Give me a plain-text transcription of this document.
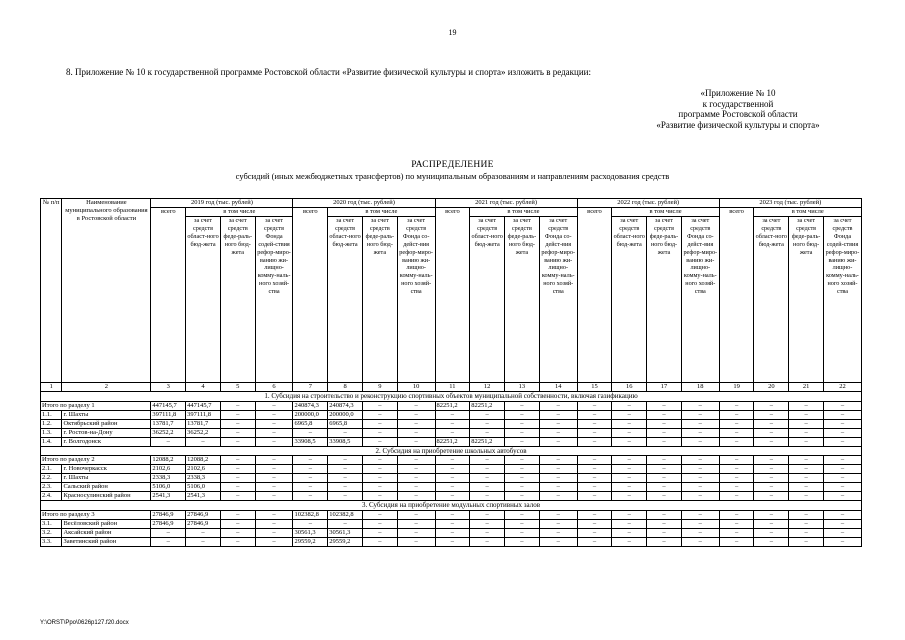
19
8. Приложение № 10 к государственной программе Ростовской области «Развитие физической культуры и спорта» изложить в редакции:
«Приложение № 10
к государственной
программе Ростовской области
«Развитие физической культуры и спорта»
РАСПРЕДЕЛЕНИЕ
субсидий (иных межбюджетных трансфертов) по муниципальным образованиям и направлениям расходования средств
№ п/п	Наименование муниципального образования в Ростовской области	2019 год (тыс. рублей)				2020 год (тыс. рублей)				2021 год (тыс. рублей)				2022 год (тыс. рублей)				2023 год (тыс. рублей)			
		всего	в том числе			всего	в том числе			всего	в том числе			всего	в том числе			всего	в том числе		
			за счет средств област-ного бюд-жета	за счет средств феде-раль-ного бюд-жета	за счет средств Фонда содей-ствия рефор-миро-ванию жи-лищно-комму-наль-ного хозяй-ства		за счет средств област-ного бюд-жета	за счет средств феде-раль-ного бюд-жета	за счет средств Фонда со-дейст-вия рефор-миро-ванию жи-лищно-комму-наль-ного хозяй-ства		за счет средств област-ного бюд-жета	за счет средств феде-раль-ного бюд-жета	за счет средств Фонда со-дейст-вия рефор-миро-ванию жи-лищно-комму-наль-ного хозяй-ства		за счет средств област-ного бюд-жета	за счет средств феде-раль-ного бюд-жета	за счет средств Фонда со-дейст-вия рефор-миро-ванию жи-лищно-комму-наль-ного хозяй-ства		за счет средств област-ного бюд-жета	за счет средств феде-раль-ного бюд-жета	за счет средств Фонда содей-ствия рефор-миро-ванию жи-лищно-комму-наль-ного хозяй-ства
1	2	3	4	5	6	7	8	9	10	11	12	13	14	15	16	17	18	19	20	21	22
1. Субсидия на строительство и реконструкцию спортивных объектов муниципальной собственности, включая газификацию																					
Итого по разделу 1		447145,7	447145,7	–	–	240874,3	240874,3	–	–	82251,2	82251,2	–	–	–	–	–	–	–	–	–	–
1.1.	г. Шахты	397111,8	397111,8	–	–	200000,0	200000,0	–	–	–	–	–	–	–	–	–	–	–	–	–	–
1.2.	Октябрьский район	13781,7	13781,7	–	–	6965,8	6965,8	–	–	–	–	–	–	–	–	–	–	–	–	–	–
1.3.	г. Ростов-на-Дону	36252,2	36252,2	–	–	–	–	–	–	–	–	–	–	–	–	–	–	–	–	–	–
1.4.	г. Волгодонск	–	–	–	–	33908,5	33908,5	–	–	82251,2	82251,2	–	–	–	–	–	–	–	–	–	–
2. Субсидия на приобретение школьных автобусов																					
Итого по разделу 2		12088,2	12088,2	–	–	–	–	–	–	–	–	–	–	–	–	–	–	–	–	–	–
2.1.	г. Новочеркасск	2102,6	2102,6	–	–	–	–	–	–	–	–	–	–	–	–	–	–	–	–	–	–
2.2.	г. Шахты	2338,3	2338,3	–	–	–	–	–	–	–	–	–	–	–	–	–	–	–	–	–	–
2.3.	Сальский район	5106,0	5106,0	–	–	–	–	–	–	–	–	–	–	–	–	–	–	–	–	–	–
2.4.	Красносулинский район	2541,3	2541,3	–	–	–	–	–	–	–	–	–	–	–	–	–	–	–	–	–	–
3. Субсидия на приобретение модульных спортивных залов																					
Итого по разделу 3		27846,9	27846,9	–	–	102382,8	102382,8	–	–	–	–	–	–	–	–	–	–	–	–	–	–
3.1.	Весёловский район	27846,9	27846,9	–	–	–	–	–	–	–	–	–	–	–	–	–	–	–	–	–	–
3.2.	Аксайский район	–	–	–	–	30561,3	30561,3	–	–	–	–	–	–	–	–	–	–	–	–	–	–
3.3.	Заветинский район	–	–	–	–	29559,2	29559,2	–	–	–	–	–	–	–	–	–	–	–	–	–	–
Y:\ORST\Ppo\0626p127.f20.docx
